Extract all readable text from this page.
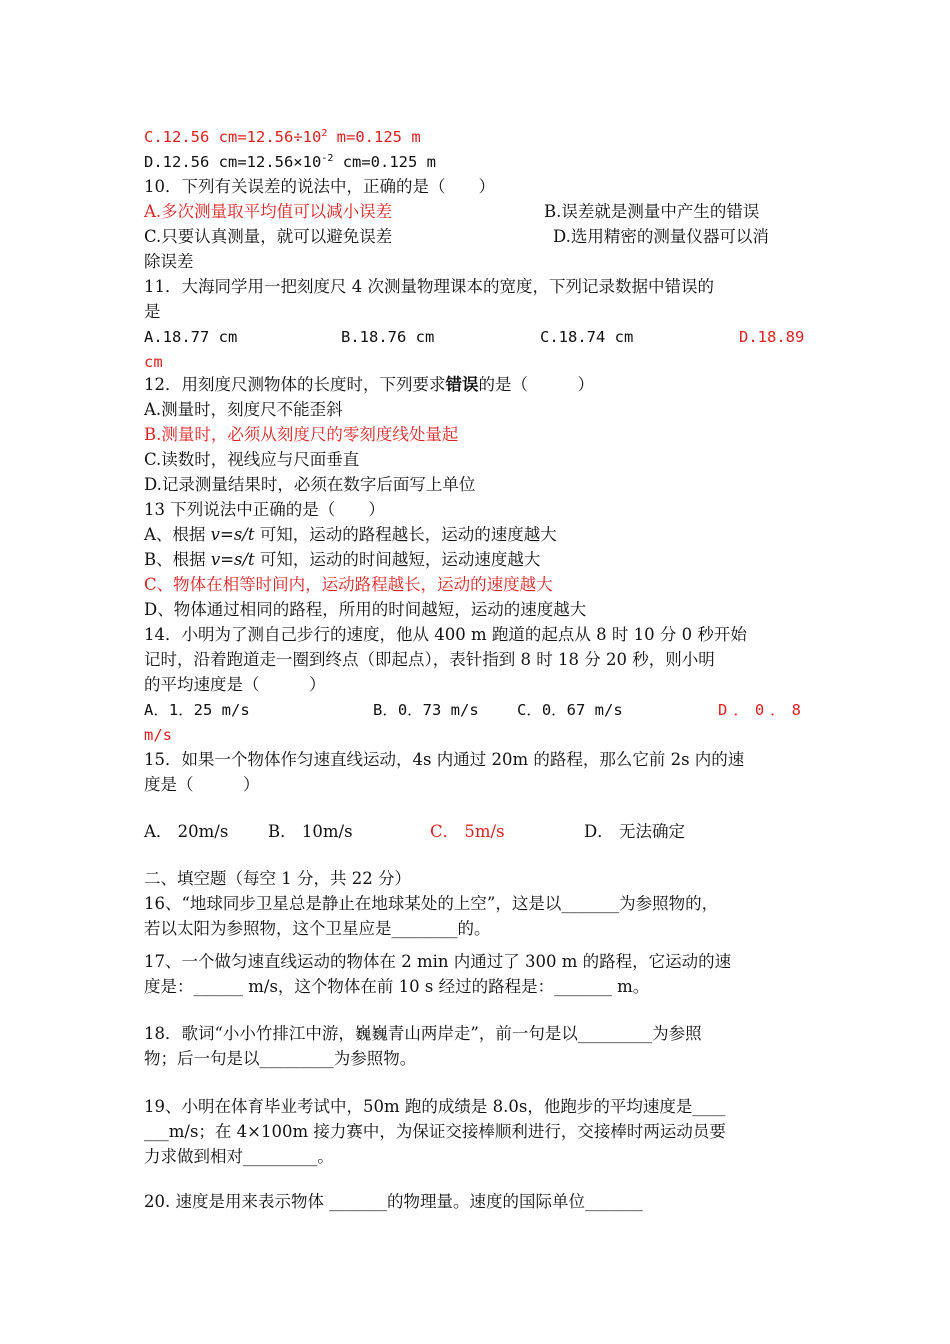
C.12.56 $cm=12.56\div 10^2$ m=0.125 m
D.12.56 $cm=12.56\times 10^{-2}$ cm=0.125 m
10．下列有关误差的说法中，正确的是（　　）
A.多次测量取平均值可以减小误差	B.误差就是测量中产生的错误
C.只要认真测量，就可以避免误差	D.选用精密的测量仪器可以消
除误差
11．大海同学用一把刻度尺 4 次测量物理课本的宽度，下列记录数据中错误的
是
A.18.77 cm	B.18.76 cm	C.18.74 cm	D.18.89
cm
12．用刻度尺测物体的长度时，下列要求错误的是（　　　）
A.测量时，刻度尺不能歪斜
B.测量时，必须从刻度尺的零刻度线处量起
C.读数时，视线应与尺面垂直
D.记录测量结果时，必须在数字后面写上单位
13 下列说法中正确的是（　　）
A、根据 v=s/t 可知，运动的路程越长，运动的速度越大
B、根据 v=s/t 可知，运动的时间越短，运动速度越大
C、物体在相等时间内，运动路程越长，运动的速度越大
D、物体通过相同的路程，所用的时间越短，运动的速度越大
14．小明为了测自己步行的速度，他从 400 m 跑道的起点从 8 时 10 分 0 秒开始
记时，沿着跑道走一圈到终点（即起点），表针指到 8 时 18 分 20 秒，则小明
的平均速度是（　　　）
A．1．25 m/s	B．0．73 m/s C．0．67 m/s	D．0．8
m/s
15．如果一个物体作匀速直线运动，4s 内通过 20m 的路程，那么它前 2s 内的速
度是（　　　）
A． 20m/s B． 10m/s	C． 5m/s	D． 无法确定
二、填空题（每空 1 分，共 22 分）
16、“地球同步卫星总是静止在地球某处的上空”，这是以_______为参照物的，
若以太阳为参照物，这个卫星应是________的。
17、一个做匀速直线运动的物体在 2 min 内通过了 300 m 的路程，它运动的速
度是：______ m/s，这个物体在前 10 s 经过的路程是：_______ m。
18．歌词“小小竹排江中游，巍巍青山两岸走”，前一句是以_________为参照
物；后一句是以_________为参照物。
19、小明在体育毕业考试中，50m 跑的成绩是 8.0s，他跑步的平均速度是____
___m/s；在 4×100m 接力赛中，为保证交接棒顺利进行，交接棒时两运动员要
力求做到相对_________。
20. 速度是用来表示物体 _______的物理量。速度的国际单位_______
